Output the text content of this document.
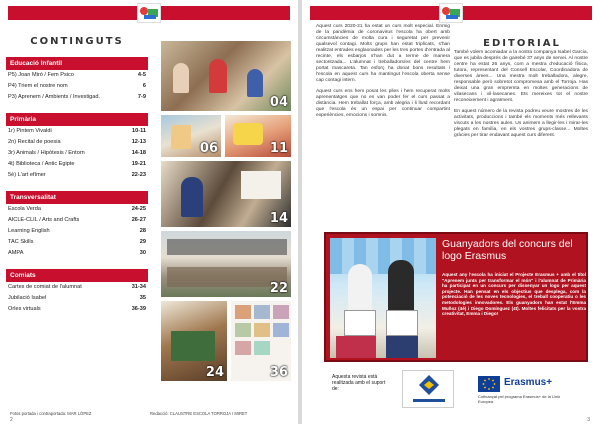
CONTINGUTS
Educació Infantil
P5) Joan Miró / Fem Psico	4-5
P4) Triem el nostre nom	6
P3) Aprenem / Ambients / Investigad.	7-9
Primària
1r) Pintem Vivaldi	10-11
2n) Recital de poesia	12-13
3r) Animals / Hipòtesis / Entorn	14-18
4t) Biblioteca / Antic Egipte	19-21
5è) L'art efímer	22-23
Transversalitat
Escola Verda	24-25
AICLE-CLIL / Arts and Crafts	26-27
Learning English	28
TAC Skills	29
AMPA	30
Comiats
Cartes de comiat de l'alumnat	31-34
Jubilació Isabel	35
Orles virtuals	36-39
04
06	11
14
22
24	36
Fotos portada i contraportada: MAR LÓPEZ	Redacció: CLAUSTRE ESCOLA TORROJA I MIRET
2
EDITORIAL

Aquest curs 2020-21 ha estat un curs molt especial. Enmig de la pandèmia de coronavirus l'escola ha obert amb circumstàncies de molta cura i seguretat per prevenir qualsevol contagi. Molts grups han estat triplicats, s'han realitzat entrades esglaonades per les tres portes d'entrada al recinte, els esbarjos s'han dut a terme de manera sectoritzada... L'alumnat i treballadors/es del centre hem portat mascareta. Tan esforç ha donat bons resultats i l'escola en aquest curs ha mantingut l'escola oberta sense cap contagi intern.

Aquest curs ens hem posat les piles i hem recuperat molts aprenentatges que no es van poder fer el curs passat a distància. Hem treballat força, amb alegria i li lluïd recordant que l'escola és un espai per continuar compartint experiències, emocions i somnis.

També volem acomiadar a la nostra companya Isabel Garcia, que es jubila després de gairebé 37 anys de servei. Al nostre centre ha estat 26 anys, com a mestra d'educació física, tutora, representant del Consell Escolar, Coordinadora de diverses àrees... Una mestra molt treballadora, alegre, responsable però sobretot compromesa amb el Torroja. Has deixat una gran empremta en moltes generacions de vilasecans i vil·lasecanes. Ets mereixes tot el nostre reconeixement i agraïment.

En aquest número de la revista podreu veure mostres de les activitats, produccions i també els moments més rellevants viscuts a les nostres aules. Us animem a llegir-les i mirar-les plegats en família, en els vostres grups-classe... Moltes gràcies per tirar endavant aquest curs diferent.

Guanyadors del concurs del logo Erasmus
Aquest any l'escola ha iniciat el Projecte Erasmus + amb el títol "Aprenem junts per transformar el món" i l'alumnat de Primària ha participat en un concurs per dissenyar un logo per aquest projecte. Han pensat en els objectius que desplega, com la potenciació de les noves tecnologies, el treball cooperatiu o les metodologies innovadores. Els guanyadors han estat l'Emma Muñoz (4è) i Diego Domínguez (4t). Moltes felicitats per la vostra creativitat, Emma i Diego!
Aquesta revista està realitzada amb el suport de:
Erasmus+
Cofinançat pel programa Erasmus+ de la Unió Europea
3
